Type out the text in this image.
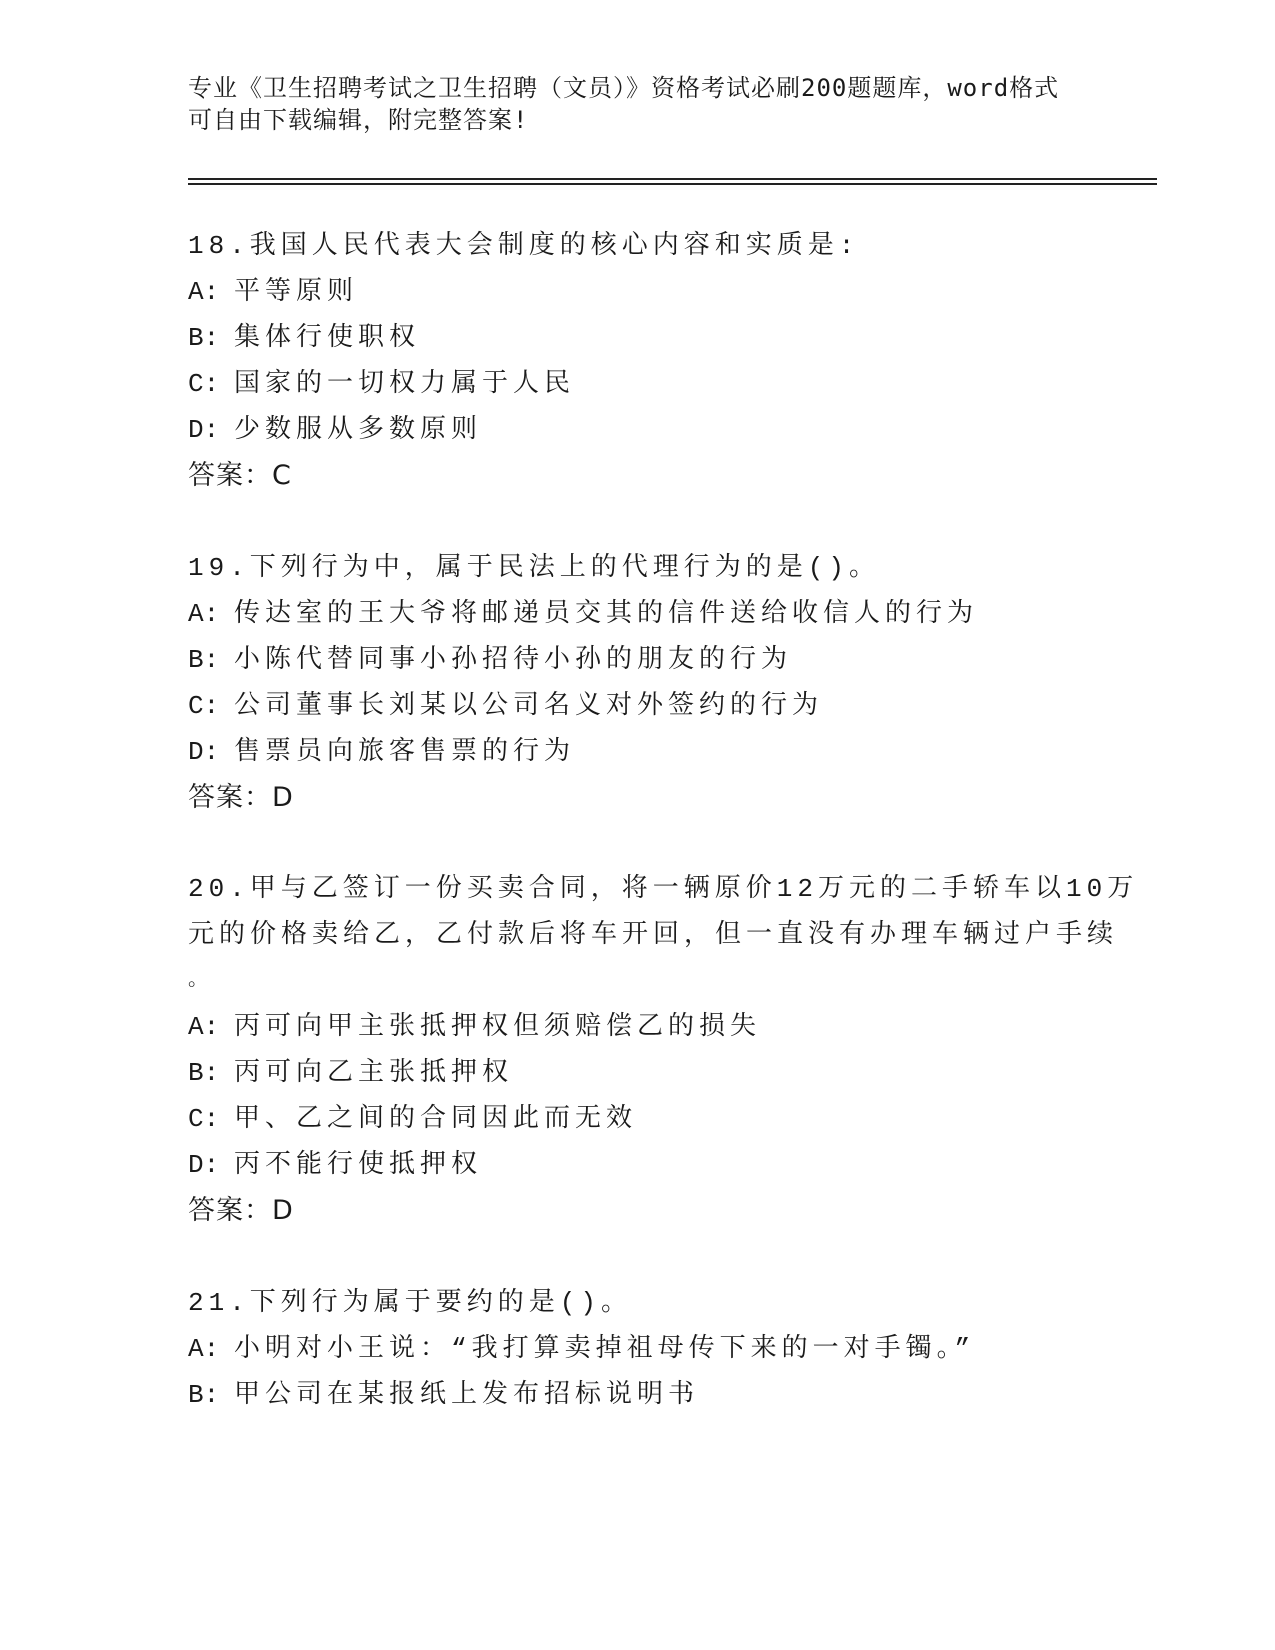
专业《卫生招聘考试之卫生招聘（文员）》资格考试必刷200题题库，word格式
可自由下载编辑，附完整答案!
18.我国人民代表大会制度的核心内容和实质是:
A: 平等原则
B: 集体行使职权
C: 国家的一切权力属于人民
D: 少数服从多数原则
答案：C
19.下列行为中，属于民法上的代理行为的是()。
A: 传达室的王大爷将邮递员交其的信件送给收信人的行为
B: 小陈代替同事小孙招待小孙的朋友的行为
C: 公司董事长刘某以公司名义对外签约的行为
D: 售票员向旅客售票的行为
答案：D
20.甲与乙签订一份买卖合同，将一辆原价12万元的二手轿车以10万
元的价格卖给乙，乙付款后将车开回，但一直没有办理车辆过户手续
。
A: 丙可向甲主张抵押权但须赔偿乙的损失
B: 丙可向乙主张抵押权
C: 甲、乙之间的合同因此而无效
D: 丙不能行使抵押权
答案：D
21.下列行为属于要约的是()。
A: 小明对小王说：“我打算卖掉祖母传下来的一对手镯。”
B: 甲公司在某报纸上发布招标说明书
